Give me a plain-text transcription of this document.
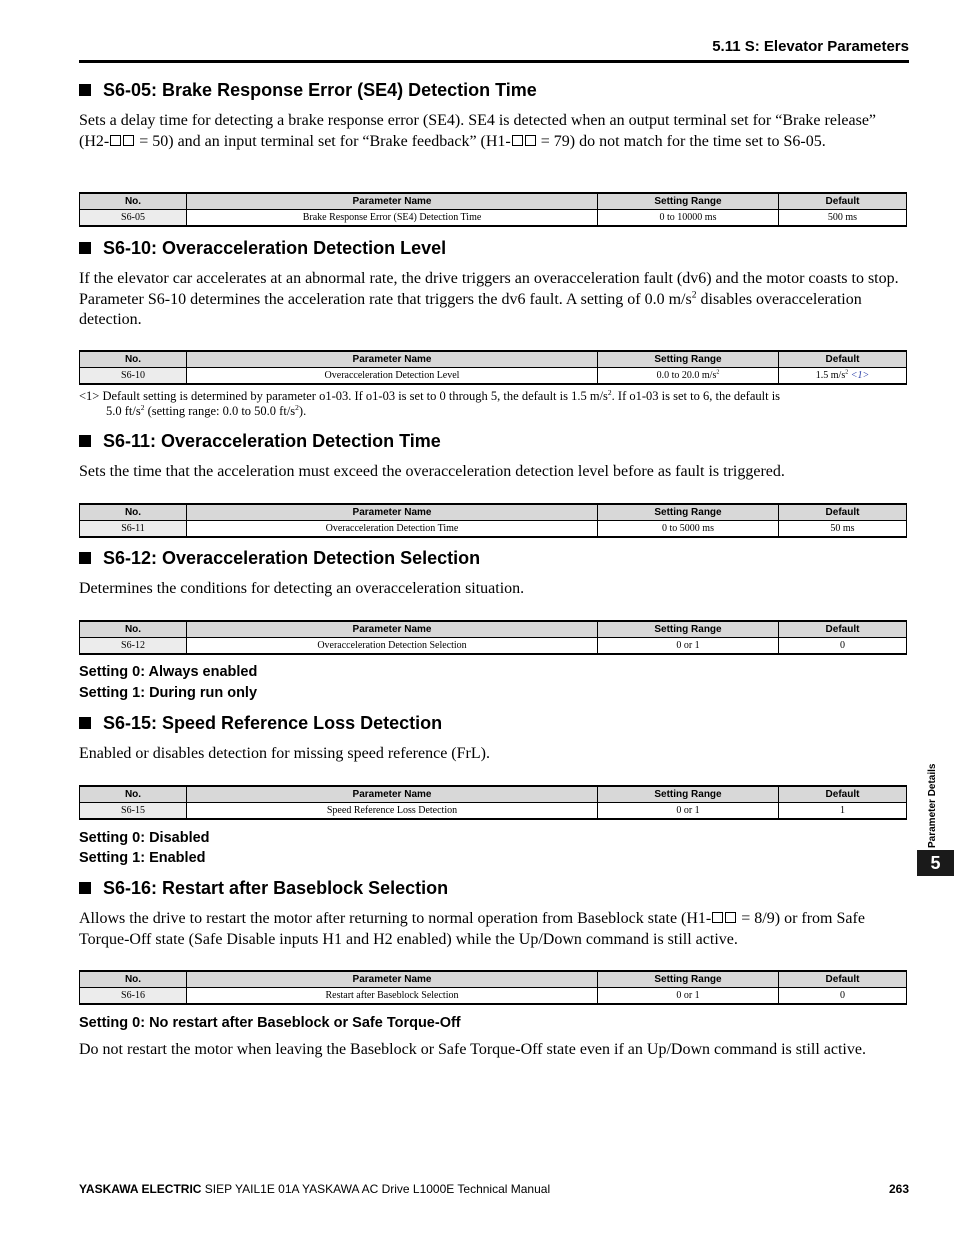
5.11 S: Elevator Parameters
S6-05: Brake Response Error (SE4) Detection Time
Sets a delay time for detecting a brake response error (SE4). SE4 is detected when an output terminal set for “Brake release” (H2- = 50) and an input terminal set for “Brake feedback” (H1- = 79) do not match for the time set to S6-05.
No.	Parameter Name	Setting Range	Default
S6-05	Brake Response Error (SE4) Detection Time	0 to 10000 ms	500 ms
S6-10: Overacceleration Detection Level
If the elevator car accelerates at an abnormal rate, the drive triggers an overacceleration fault (dv6) and the motor coasts to stop. Parameter S6-10 determines the acceleration rate that triggers the dv6 fault. A setting of 0.0 $m/s^2$ disables overacceleration detection.
No.	Parameter Name	Setting Range	Default
S6-10	Overacceleration Detection Level	0.0 to 20.0 $m/s^2$	1.5 $m/s^2 <1>$
<1> Default setting is determined by parameter o1-03. If o1-03 is set to 0 through 5, the default is 1.5 $m/s^2$. If o1-03 is set to 6, the default is
5.0 $ft/s^2$ (setting range: 0.0 to 50.0 $ft/s^2$).
S6-11: Overacceleration Detection Time
Sets the time that the acceleration must exceed the overacceleration detection level before as fault is triggered.
No.	Parameter Name	Setting Range	Default
S6-11	Overacceleration Detection Time	0 to 5000 ms	50 ms
S6-12: Overacceleration Detection Selection
Determines the conditions for detecting an overacceleration situation.
No.	Parameter Name	Setting Range	Default
S6-12	Overacceleration Detection Selection	0 or 1	0
Setting 0: Always enabled
Setting 1: During run only
S6-15: Speed Reference Loss Detection
Enabled or disables detection for missing speed reference (FrL).
No.	Parameter Name	Setting Range	Default
S6-15	Speed Reference Loss Detection	0 or 1	1
Setting 0: Disabled
Setting 1: Enabled
S6-16: Restart after Baseblock Selection
Allows the drive to restart the motor after returning to normal operation from Baseblock state (H1- = 8/9) or from Safe Torque-Off state (Safe Disable inputs H1 and H2 enabled) while the Up/Down command is still active.
No.	Parameter Name	Setting Range	Default
S6-16	Restart after Baseblock Selection	0 or 1	0
Setting 0: No restart after Baseblock or Safe Torque-Off
Do not restart the motor when leaving the Baseblock or Safe Torque-Off state even if an Up/Down command is still active.
Parameter Details
5
YASKAWA ELECTRIC SIEP YAIL1E 01A YASKAWA AC Drive L1000E Technical Manual	263
